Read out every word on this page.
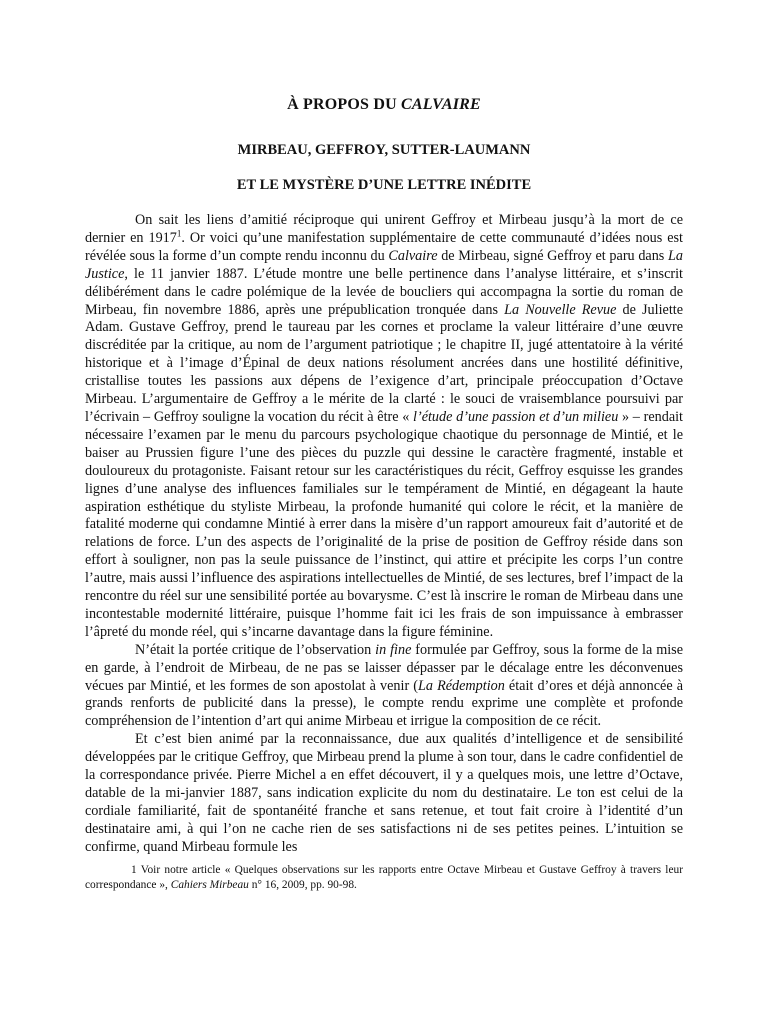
À PROPOS DU CALVAIRE
MIRBEAU, GEFFROY, SUTTER-LAUMANN
ET LE MYSTÈRE D’UNE LETTRE INÉDITE

On sait les liens d’amitié réciproque qui unirent Geffroy et Mirbeau jusqu’à la mort de ce dernier en 1917$^1$. Or voici qu’une manifestation supplémentaire de cette communauté d’idées nous est révélée sous la forme d’un compte rendu inconnu du Calvaire de Mirbeau, signé Geffroy et paru dans La Justice, le 11 janvier 1887. L’étude montre une belle pertinence dans l’analyse littéraire, et s’inscrit délibérément dans le cadre polémique de la levée de boucliers qui accompagna la sortie du roman de Mirbeau, fin novembre 1886, après une prépublication tronquée dans La Nouvelle Revue de Juliette Adam. Gustave Geffroy, prend le taureau par les cornes et proclame la valeur littéraire d’une œuvre discréditée par la critique, au nom de l’argument patriotique ; le chapitre II, jugé attentatoire à la vérité historique et à l’image d’Épinal de deux nations résolument ancrées dans une hostilité définitive, cristallise toutes les passions aux dépens de l’exigence d’art, principale préoccupation d’Octave Mirbeau. L’argumentaire de Geffroy a le mérite de la clarté : le souci de vraisemblance poursuivi par l’écrivain – Geffroy souligne la vocation du récit à être « l’étude d’une passion et d’un milieu » – rendait nécessaire l’examen par le menu du parcours psychologique chaotique du personnage de Mintié, et le baiser au Prussien figure l’une des pièces du puzzle qui dessine le caractère fragmenté, instable et douloureux du protagoniste. Faisant retour sur les caractéristiques du récit, Geffroy esquisse les grandes lignes d’une analyse des influences familiales sur le tempérament de Mintié, en dégageant la haute aspiration esthétique du styliste Mirbeau, la profonde humanité qui colore le récit, et la manière de fatalité moderne qui condamne Mintié à errer dans la misère d’un rapport amoureux fait d’autorité et de relations de force. L’un des aspects de l’originalité de la prise de position de Geffroy réside dans son effort à souligner, non pas la seule puissance de l’instinct, qui attire et précipite les corps l’un contre l’autre, mais aussi l’influence des aspirations intellectuelles de Mintié, de ses lectures, bref l’impact de la rencontre du réel sur une sensibilité portée au bovarysme. C’est là inscrire le roman de Mirbeau dans une incontestable modernité littéraire, puisque l’homme fait ici les frais de son impuissance à embrasser l’âpreté du monde réel, qui s’incarne davantage dans la figure féminine.

N’était la portée critique de l’observation in fine formulée par Geffroy, sous la forme de la mise en garde, à l’endroit de Mirbeau, de ne pas se laisser dépasser par le décalage entre les déconvenues vécues par Mintié, et les formes de son apostolat à venir (La Rédemption était d’ores et déjà annoncée à grands renforts de publicité dans la presse), le compte rendu exprime une complète et profonde compréhension de l’intention d’art qui anime Mirbeau et irrigue la composition de ce récit.

Et c’est bien animé par la reconnaissance, due aux qualités d’intelligence et de sensibilité développées par le critique Geffroy, que Mirbeau prend la plume à son tour, dans le cadre confidentiel de la correspondance privée. Pierre Michel a en effet découvert, il y a quelques mois, une lettre d’Octave, datable de la mi-janvier 1887, sans indication explicite du nom du destinataire. Le ton est celui de la cordiale familiarité, fait de spontanéité franche et sans retenue, et tout fait croire à l’identité d’un destinataire ami, à qui l’on ne cache rien de ses satisfactions ni de ses petites peines. L’intuition se confirme, quand Mirbeau formule les

1 Voir notre article « Quelques observations sur les rapports entre Octave Mirbeau et Gustave Geffroy à travers leur correspondance », Cahiers Mirbeau n° 16, 2009, pp. 90-98.
